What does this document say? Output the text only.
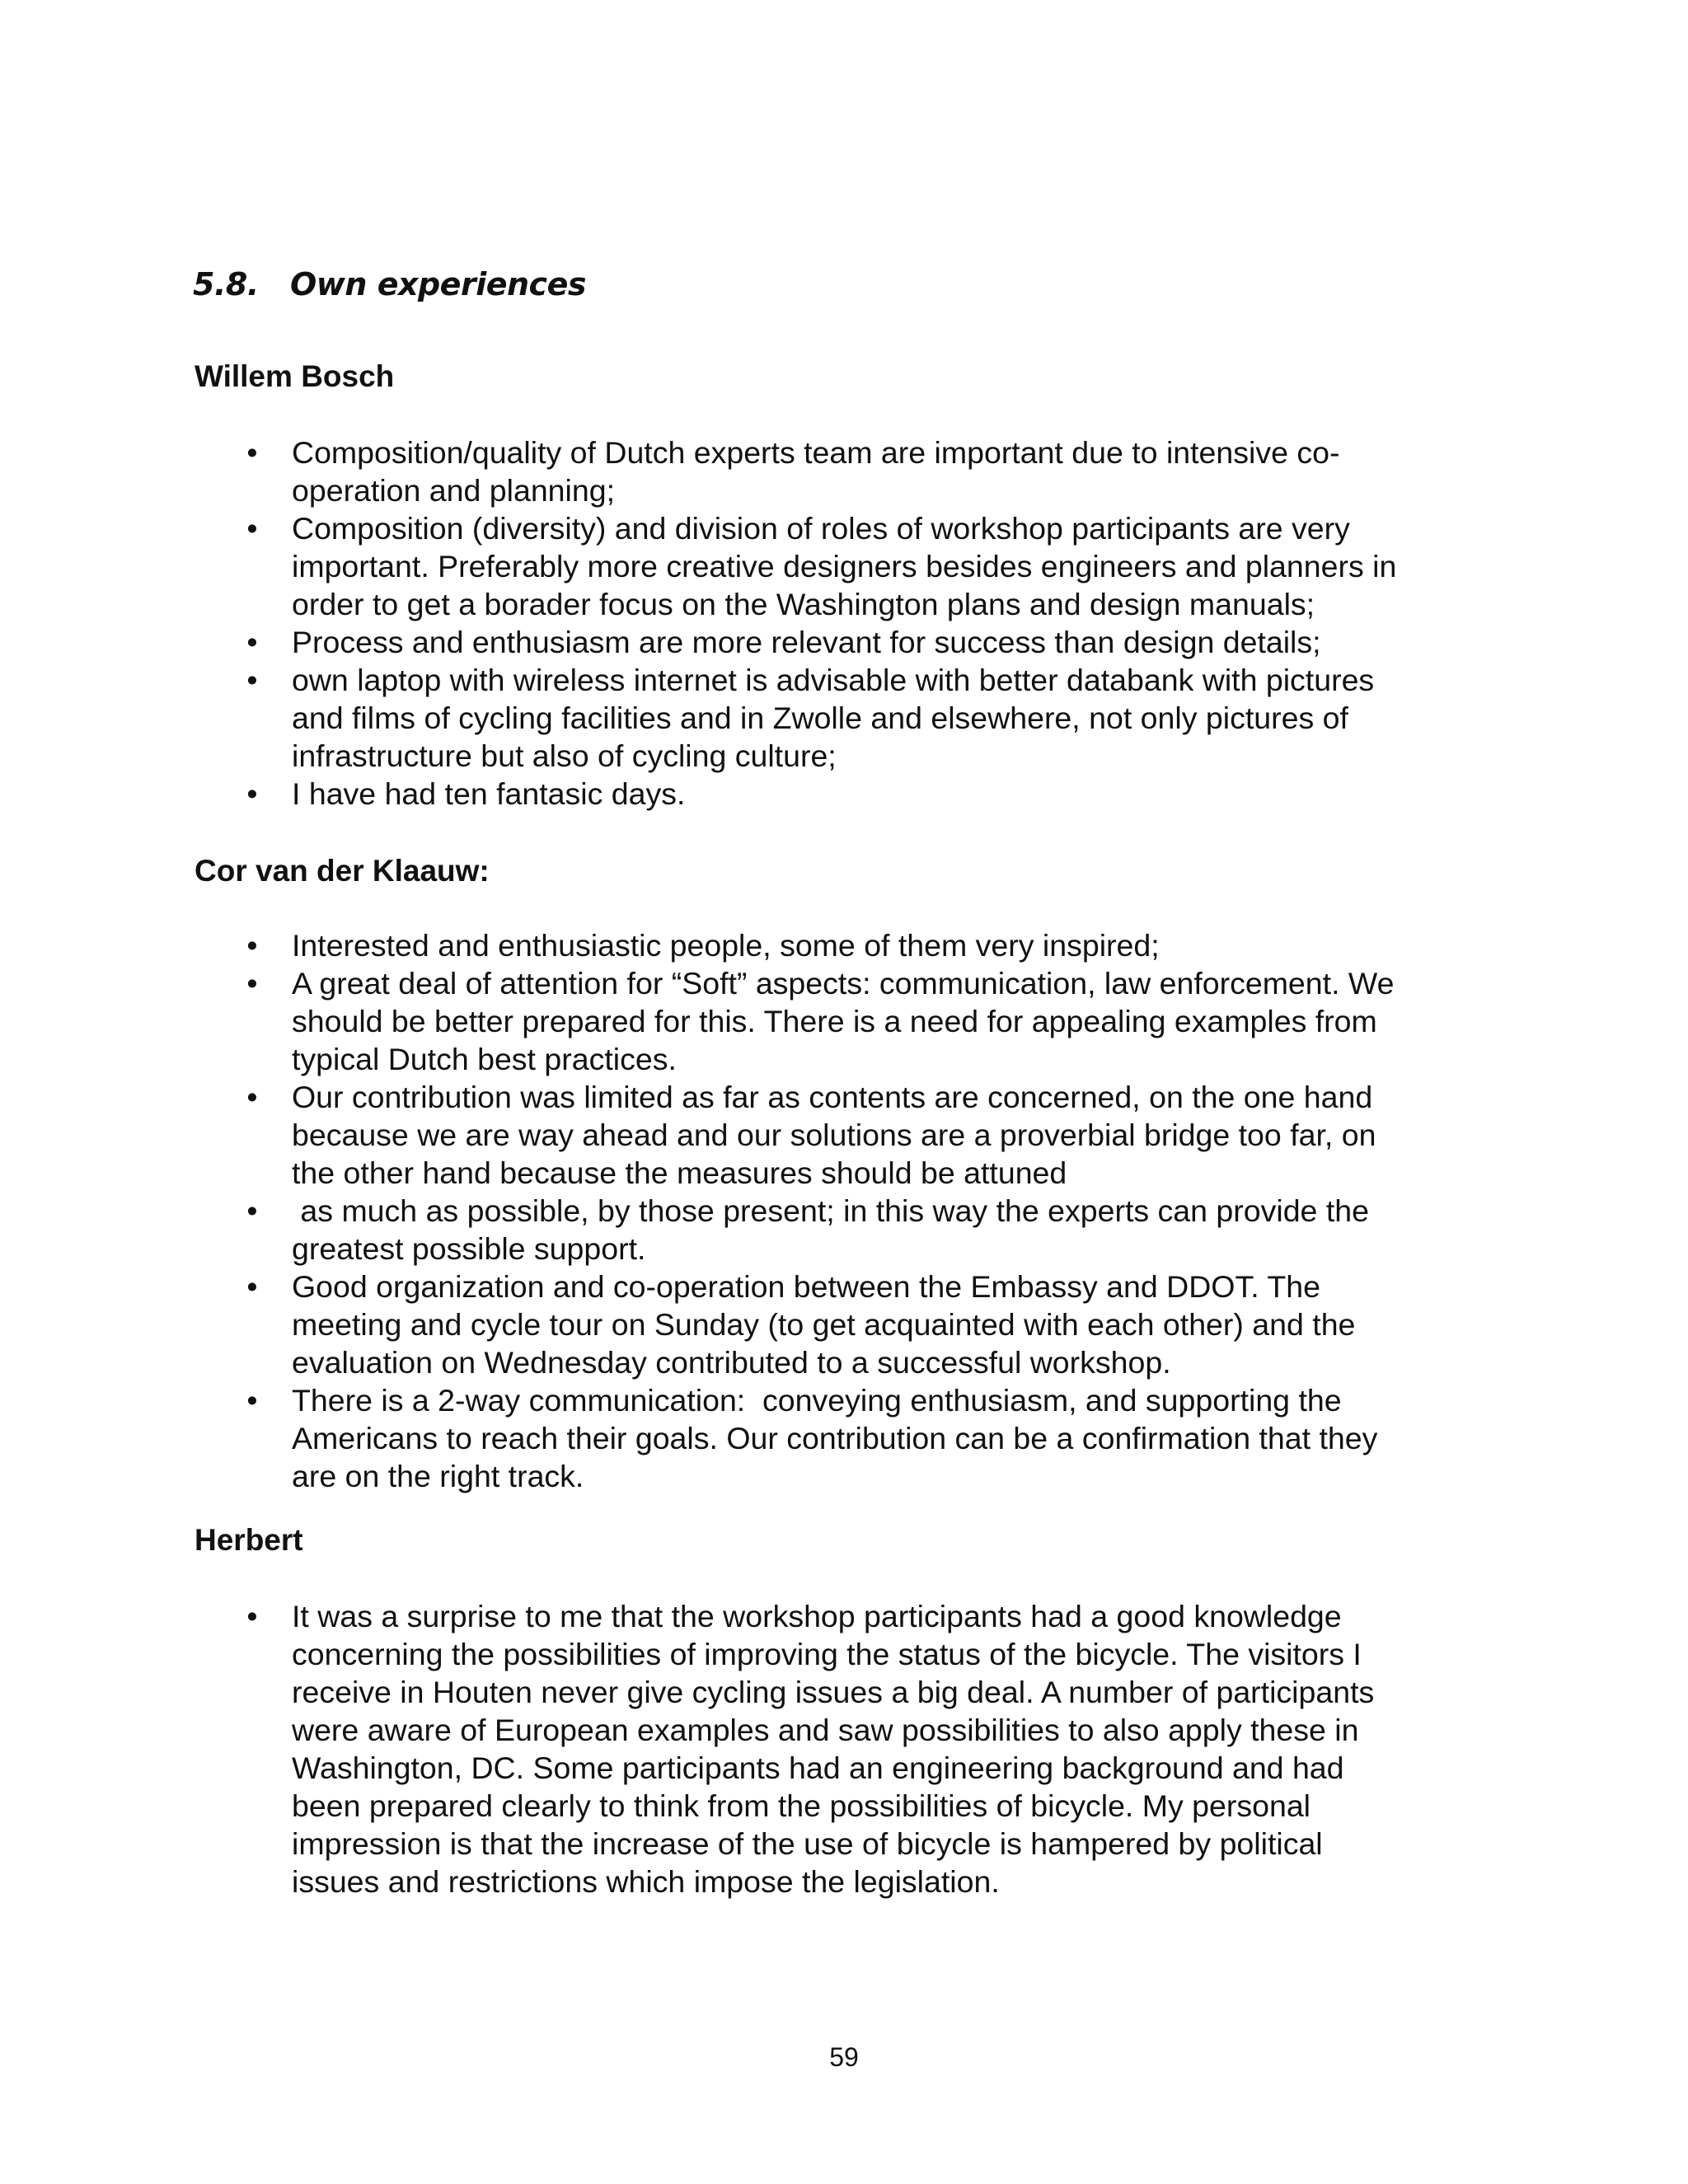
5.8. Own experiences
Willem Bosch
• Composition/quality of Dutch experts team are important due to intensive co-
operation and planning;
• Composition (diversity) and division of roles of workshop participants are very
important. Preferably more creative designers besides engineers and planners in
order to get a borader focus on the Washington plans and design manuals;
• Process and enthusiasm are more relevant for success than design details;
• own laptop with wireless internet is advisable with better databank with pictures
and films of cycling facilities and in Zwolle and elsewhere, not only pictures of
infrastructure but also of cycling culture;
• I have had ten fantasic days.
Cor van der Klaauw:
• Interested and enthusiastic people, some of them very inspired;
• A great deal of attention for “Soft” aspects: communication, law enforcement. We
should be better prepared for this. There is a need for appealing examples from
typical Dutch best practices.
• Our contribution was limited as far as contents are concerned, on the one hand
because we are way ahead and our solutions are a proverbial bridge too far, on
the other hand because the measures should be attuned
• as much as possible, by those present; in this way the experts can provide the
greatest possible support.
• Good organization and co-operation between the Embassy and DDOT. The
meeting and cycle tour on Sunday (to get acquainted with each other) and the
evaluation on Wednesday contributed to a successful workshop.
• There is a 2-way communication:  conveying enthusiasm, and supporting the
Americans to reach their goals. Our contribution can be a confirmation that they
are on the right track.
Herbert
• It was a surprise to me that the workshop participants had a good knowledge
concerning the possibilities of improving the status of the bicycle. The visitors I
receive in Houten never give cycling issues a big deal. A number of participants
were aware of European examples and saw possibilities to also apply these in
Washington, DC. Some participants had an engineering background and had
been prepared clearly to think from the possibilities of bicycle. My personal
impression is that the increase of the use of bicycle is hampered by political
issues and restrictions which impose the legislation.
59
